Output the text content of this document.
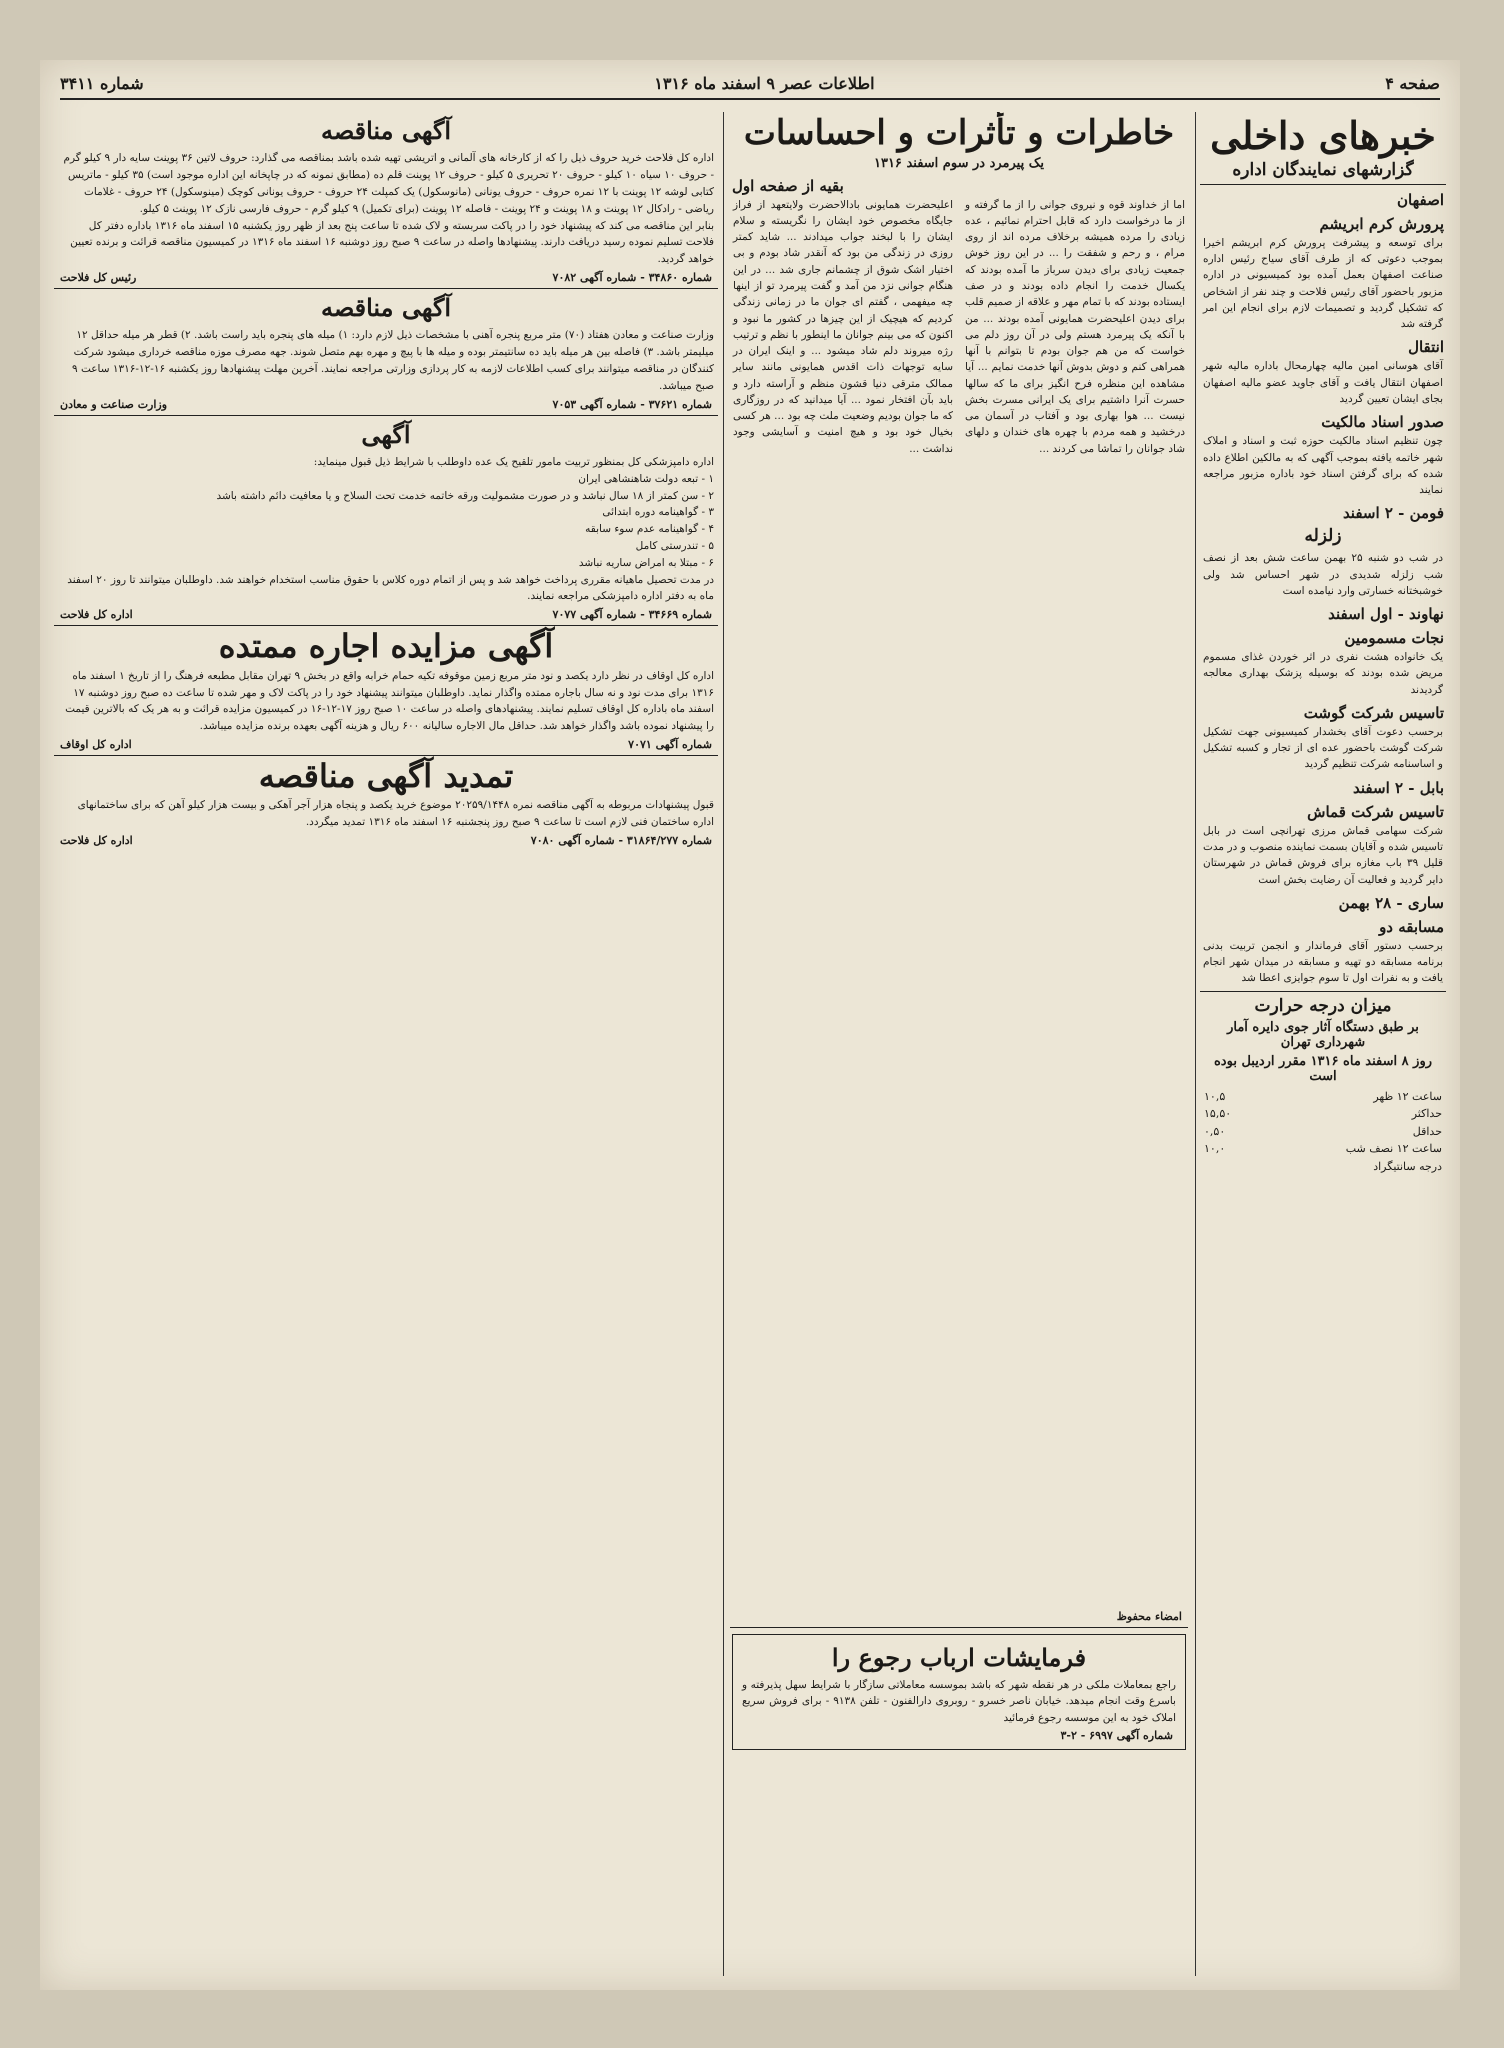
صفحه ۴
اطلاعات عصر ۹ اسفند ماه ۱۳۱۶
شماره ۳۴۱۱
خبرهای داخلی
گزارشهای نمایندگان اداره
اصفهان
پرورش کرم ابریشم
برای توسعه و پیشرفت پرورش کرم ابریشم اخیرا بموجب دعوتی که از طرف آقای سیاح رئیس اداره صناعت اصفهان بعمل آمده بود کمیسیونی در اداره مزبور باحضور آقای رئیس فلاحت و چند نفر از اشخاص که تشکیل گردید و تصمیمات لازم برای انجام این امر گرفته شد
انتقال
آقای هوسانی امین مالیه چهارمحال باداره مالیه شهر اصفهان انتقال یافت و آقای جاوید عضو مالیه اصفهان بجای ایشان تعیین گردید
صدور اسناد مالکیت
چون تنظیم اسناد مالکیت حوزه ثبت و اسناد و املاک شهر خاتمه یافته بموجب آگهی که به مالکین اطلاع داده شده که برای گرفتن اسناد خود باداره مزبور مراجعه نمایند
فومن - ۲ اسفند
زلزله
در شب دو شنبه ۲۵ بهمن ساعت شش بعد از نصف شب زلزله شدیدی در شهر احساس شد ولی خوشبختانه خسارتی وارد نیامده است
نهاوند - اول اسفند
نجات مسمومین
یک خانواده هشت نفری در اثر خوردن غذای مسموم مریض شده بودند که بوسیله پزشک بهداری معالجه گردیدند
تاسیس شرکت گوشت
برحسب دعوت آقای بخشدار کمیسیونی جهت تشکیل شرکت گوشت باحضور عده ای از تجار و کسبه تشکیل و اساسنامه شرکت تنظیم گردید
بابل - ۲ اسفند
تاسیس شرکت قماش
شرکت سهامی قماش مرزی تهرانچی است در بابل تاسیس شده و آقایان بسمت نماینده منصوب و در مدت قلیل ۳۹ باب مغازه برای فروش قماش در شهرستان دایر گردید و فعالیت آن رضایت بخش است
ساری - ۲۸ بهمن
مسابقه دو
برحسب دستور آقای فرماندار و انجمن تربیت بدنی برنامه مسابقه دو تهیه و مسابقه در میدان شهر انجام یافت و به نفرات اول تا سوم جوایزی اعطا شد
میزان درجه حرارت
بر طبق دستگاه آثار جوی دایره آمار شهرداری تهران
روز ۸ اسفند ماه ۱۳۱۶ مقرر اردیبل بوده است
ساعت ۱۲ ظهر
۱۰,۵
حداکثر
۱۵,۵۰
حداقل
۰,۵۰
ساعت ۱۲ نصف شب
۱۰,۰
درجه سانتیگراد
خاطرات و تأثرات و احساسات
یک پیرمرد در سوم اسفند ۱۳۱۶
بقیه از صفحه اول
اما از خداوند قوه و نیروی جوانی را از ما گرفته و از ما درخواست دارد که قابل احترام نمائیم ، عده زیادی را مرده همیشه برخلاف مرده اند از روی مرام ، و رحم و شفقت را ... در این روز خوش جمعیت زیادی برای دیدن سرباز ما آمده بودند که یکسال خدمت را انجام داده بودند و در صف ایستاده بودند که با تمام مهر و علاقه از صمیم قلب برای دیدن اعلیحضرت همایونی آمده بودند ... من با آنکه یک پیرمرد هستم ولی در آن روز دلم می خواست که من هم جوان بودم تا بتوانم با آنها همراهی کنم و دوش بدوش آنها خدمت نمایم ... آیا مشاهده این منظره فرح انگیز برای ما که سالها حسرت آنرا داشتیم برای یک ایرانی مسرت بخش نیست ... هوا بهاری بود و آفتاب در آسمان می درخشید و همه مردم با چهره های خندان و دلهای شاد جوانان را تماشا می کردند ...
اعلیحضرت همایونی بادالاحضرت ولایتعهد از فراز جایگاه مخصوص خود ایشان را نگریسته و سلام ایشان را با لبخند جواب میدادند ... شاید کمتر روزی در زندگی من بود که آنقدر شاد بودم و بی اختیار اشک شوق از چشمانم جاری شد ... در این هنگام جوانی نزد من آمد و گفت پیرمرد تو از اینها چه میفهمی ، گفتم ای جوان ما در زمانی زندگی کردیم که هیچیک از این چیزها در کشور ما نبود و اکنون که می بینم جوانان ما اینطور با نظم و ترتیب رژه میروند دلم شاد میشود ... و اینک ایران در سایه توجهات ذات اقدس همایونی مانند سایر ممالک مترقی دنیا قشون منظم و آراسته دارد و باید بآن افتخار نمود ... آیا میدانید که در روزگاری که ما جوان بودیم وضعیت ملت چه بود ... هر کسی بخیال خود بود و هیچ امنیت و آسایشی وجود نداشت ...
امضاء محفوظ
فرمایشات ارباب رجوع را
راجع بمعاملات ملکی در هر نقطه شهر که باشد بموسسه معاملاتی سازگار با شرایط سهل پذیرفته و باسرع وقت انجام میدهد. خیابان ناصر خسرو - روبروی دارالفنون - تلفن ۹۱۳۸ - برای فروش سریع املاک خود به این موسسه رجوع فرمائید
شماره آگهی ۶۹۹۷ - ۲-۳
آگهی مناقصه
اداره کل فلاحت خرید حروف ذیل را که از کارخانه های آلمانی و اتریشی تهیه شده باشد بمناقصه می گذارد: حروف لاتین ۳۶ پوینت سایه دار ۹ کیلو گرم - حروف ۱۰ سیاه ۱۰ کیلو - حروف ۲۰ تحریری ۵ کیلو - حروف ۱۲ پوینت قلم ده (مطابق نمونه که در چاپخانه این اداره موجود است) ۳۵ کیلو - ماتریس کتابی لوشه ۱۲ پوینت با ۱۲ نمره حروف - حروف یونانی (مانوسکول) یک کمپلت ۲۴ حروف - حروف یونانی کوچک (مینوسکول) ۲۴ حروف - غلامات ریاضی - رادکال ۱۲ پوینت و ۱۸ پوینت و ۲۴ پوینت - فاصله ۱۲ پوینت (برای تکمیل) ۹ کیلو گرم - حروف فارسی نازک ۱۲ پوینت ۵ کیلو.
بنابر این مناقصه می کند که پیشنهاد خود را در پاکت سربسته و لاک شده تا ساعت پنج بعد از ظهر روز یکشنبه ۱۵ اسفند ماه ۱۳۱۶ باداره دفتر کل فلاحت تسلیم نموده رسید دریافت دارند. پیشنهادها واصله در ساعت ۹ صبح روز دوشنبه ۱۶ اسفند ماه ۱۳۱۶ در کمیسیون مناقصه قرائت و برنده تعیین خواهد گردید.
شماره ۳۴۸۶۰ - شماره آگهی ۷۰۸۲
رئیس کل فلاحت
آگهی مناقصه
وزارت صناعت و معادن هفتاد (۷۰) متر مربع پنجره آهنی با مشخصات ذیل لازم دارد: ۱) میله های پنجره باید راست باشد. ۲) قطر هر میله حداقل ۱۲ میلیمتر باشد. ۳) فاصله بین هر میله باید ده سانتیمتر بوده و میله ها با پیچ و مهره بهم متصل شوند. جهه مصرف موزه مناقصه خرداری میشود شرکت کنندگان در مناقصه میتوانند برای کسب اطلاعات لازمه به کار پردازی وزارتی مراجعه نمایند. آخرین مهلت پیشنهادها روز یکشنبه ۱۶-۱۲-۱۳۱۶ ساعت ۹ صبح میباشد.
شماره ۳۷۶۲۱ - شماره آگهی ۷۰۵۳
وزارت صناعت و معادن
آگهی
اداره دامپزشکی کل بمنظور تربیت مامور تلقیح یک عده داوطلب با شرایط ذیل قبول مینماید:
۱ - تبعه دولت شاهنشاهی ایران
۲ - سن کمتر از ۱۸ سال نباشد و در صورت مشمولیت ورقه خاتمه خدمت تحت السلاح و یا معافیت دائم داشته باشد
۳ - گواهینامه دوره ابتدائی
۴ - گواهینامه عدم سوء سابقه
۵ - تندرستی کامل
۶ - مبتلا به امراض ساریه نباشد
در مدت تحصیل ماهیانه مقرری پرداخت خواهد شد و پس از اتمام دوره کلاس با حقوق مناسب استخدام خواهند شد. داوطلبان میتوانند تا روز ۲۰ اسفند ماه به دفتر اداره دامپزشکی مراجعه نمایند.
شماره ۳۴۶۶۹ - شماره آگهی ۷۰۷۷
اداره کل فلاحت
آگهی مزایده اجاره ممتده
اداره کل اوقاف در نظر دارد یکصد و نود متر مربع زمین موقوفه تکیه حمام خرابه واقع در بخش ۹ تهران مقابل مطبعه فرهنگ را از تاریخ ۱ اسفند ماه ۱۳۱۶ برای مدت نود و نه سال باجاره ممتده واگذار نماید. داوطلبان میتوانند پیشنهاد خود را در پاکت لاک و مهر شده تا ساعت ده صبح روز دوشنبه ۱۷ اسفند ماه باداره کل اوقاف تسلیم نمایند. پیشنهادهای واصله در ساعت ۱۰ صبح روز ۱۷-۱۲-۱۶ در کمیسیون مزایده قرائت و به هر یک که بالاترین قیمت را پیشنهاد نموده باشد واگذار خواهد شد. حداقل مال الاجاره سالیانه ۶۰۰ ریال و هزینه آگهی بعهده برنده مزایده میباشد.
شماره آگهی ۷۰۷۱
اداره کل اوقاف
تمدید آگهی مناقصه
قبول پیشنهادات مربوطه به آگهی مناقصه نمره ۲۰۲۵۹/۱۴۴۸ موضوع خرید یکصد و پنجاه هزار آجر آهکی و بیست هزار کیلو آهن که برای ساختمانهای اداره ساختمان فنی لازم است تا ساعت ۹ صبح روز پنجشنبه ۱۶ اسفند ماه ۱۳۱۶ تمدید میگردد.
شماره ۳۱۸۶۴/۲۷۷ - شماره آگهی ۷۰۸۰
اداره کل فلاحت
